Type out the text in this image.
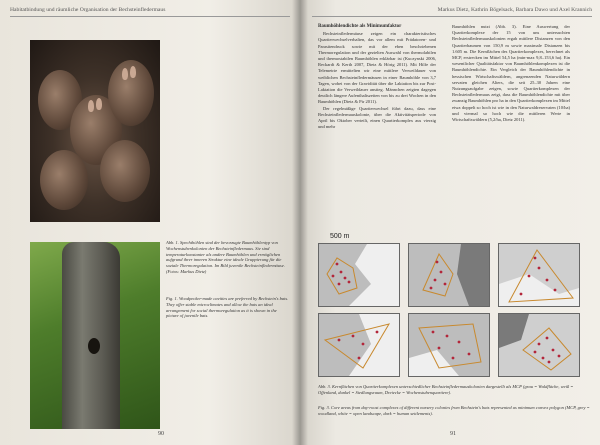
Habitatbindung und räumliche Organisation der Bechsteinfledermaus
Abb. 1. Spechthöhlen sind der bevorzugte Baumhöhlentyp von Wochenstubenkolonien der Bechsteinfledermaus. Sie sind temperaturkonstanter als andere Baumhöhlen und ermöglichen aufgrund ihrer inneren Struktur eine ideale Gruppierung für die soziale Thermoregulation. Im Bild juvenile Bechsteinfledermäuse. (Fotos: Markus Dietz)
Fig. 1. Woodpecker-made cavities are preferred by Bechstein's bats. They offer stable microclimates and allow the bats an ideal arrangement for social thermoregulation as it is shown in the picture of juvenile bats.
90
Markus Dietz, Kathrin Bögelsack, Barbara Dawo und Axel Krannich
Baumhöhlendichte als Minimumfaktor

Bechsteinfledermäuse zeigen ein charakteristisches Quartierwechselverhalten, das vor allem mit Prädatoren- und Parasitendruck sowie mit der eben beschriebenen Thermoregulation und der gezielten Auswahl von thermolabilen und thermostabilen Baumhöhlen erklärbar ist (Kuczynski 2006, Reckardt & Kerth 2007, Dietz & Hörig 2011). Mit Hilfe der Telemetrie ermittelten wir eine mittlere Verweildauer von weiblichen Bechsteinfledermäusen in einer Baumhöhle von 3,7 Tagen, wobei von der Gravidität über die Laktation bis zur Post-Laktation die Verweildauer anstieg. Männchen zeigten dagegen deutlich längere Aufenthaltszeiten von bis zu drei Wochen in den Baumhöhlen (Dietz & Pir 2011).

Der regelmäßige Quartierwechsel führt dazu, dass eine Bechsteinfledermauskolonie, über die Aktivitätsperiode von April bis Oktober verteilt, einen Quartierkomplex aus vierzig und mehr

Baumhöhlen nutzt (Abb. 3). Eine Auswertung der Quartierkomplexe der 15 von uns untersuchten Bechsteinfledermauskolonien ergab mittlere Distanzen von den Quartierbaumen von 150,9 m sowie maximale Distanzen bis 1.605 m. Die Kernflächen des Quartierkomplexes, berechnet als MCP, erstrecken im Mittel 54,5 ha (min-max 9,8–153,6 ha). Ein wesentlicher Qualitätsfaktor von Baumhöhlenkomplexen ist die Baumhöhlendichte. Ein Vergleich der Baumhöhlendichte in hessischen Wirtschaftswäldern, angrenzenden Naturwäldern servaten gleichen Alters, die seit 25–30 Jahren eine Nutzungsaufgabe zeigen, sowie Quartierkomplexen der Bechsteinfledermaus zeigt, dass die Baumhöhlendichte mit über zwanzig Baumhöhlen pro ha in den Quartierkomplexen im Mittel etwa doppelt so hoch ist wie in den Naturwaldreservaten (10/ha) und viermal so hoch wie die mittleren Werte in Wirtschaftswäldern (5,2/ha, Dietz 2011).

500 m
Abb. 3. Kernflächen von Quartierkomplexen unterschiedlicher Bechsteinfledermauskolonien dargestellt als MCP (grau = Waldfläche, weiß = Offenland, dunkel = Siedlungsraum, Dreiecke = Wochenstubenquartiere).
Fig. 3. Core areas from day-roost complexes of different nursery colonies from Bechstein's bats represented as minimum convex polygon (MCP, grey = woodland, white = open landscape, dark = human settlements).
91
